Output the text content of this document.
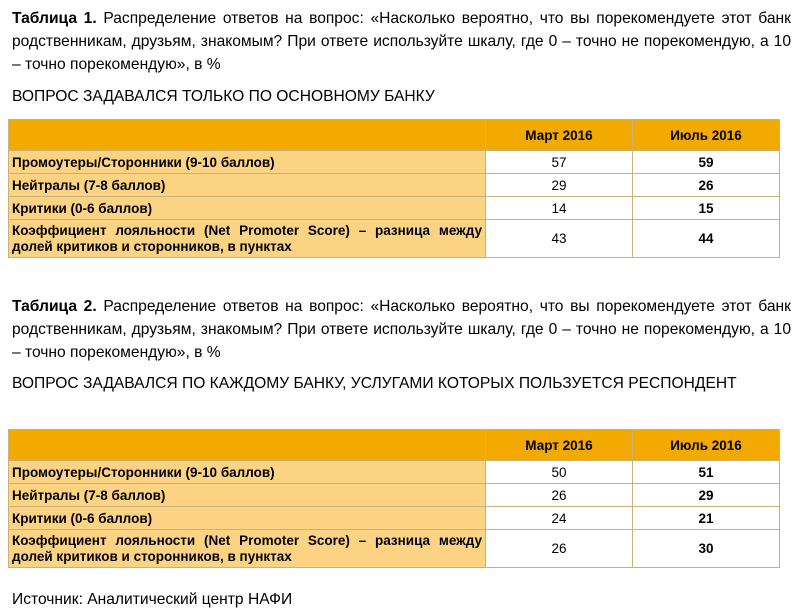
Таблица 1. Распределение ответов на вопрос: «Насколько вероятно, что вы порекомендуете этот банк родственникам, друзьям, знакомым? При ответе используйте шкалу, где 0 – точно не порекомендую, а 10 – точно порекомендую», в %
ВОПРОС ЗАДАВАЛСЯ ТОЛЬКО ПО ОСНОВНОМУ БАНКУ
	Март 2016	Июль 2016
Промоутеры/Сторонники (9-10 баллов)	57	59
Нейтралы (7-8 баллов)	29	26
Критики (0-6 баллов)	14	15
Коэффициент лояльности (Net Promoter Score) – разница между долей критиков и сторонников, в пунктах	43	44
Таблица 2. Распределение ответов на вопрос: «Насколько вероятно, что вы порекомендуете этот банк родственникам, друзьям, знакомым? При ответе используйте шкалу, где 0 – точно не порекомендую, а 10 – точно порекомендую», в %
ВОПРОС ЗАДАВАЛСЯ ПО КАЖДОМУ БАНКУ, УСЛУГАМИ КОТОРЫХ ПОЛЬЗУЕТСЯ РЕСПОНДЕНТ
	Март 2016	Июль 2016
Промоутеры/Сторонники (9-10 баллов)	50	51
Нейтралы (7-8 баллов)	26	29
Критики (0-6 баллов)	24	21
Коэффициент лояльности (Net Promoter Score) – разница между долей критиков и сторонников, в пунктах	26	30
Источник: Аналитический центр НАФИ
